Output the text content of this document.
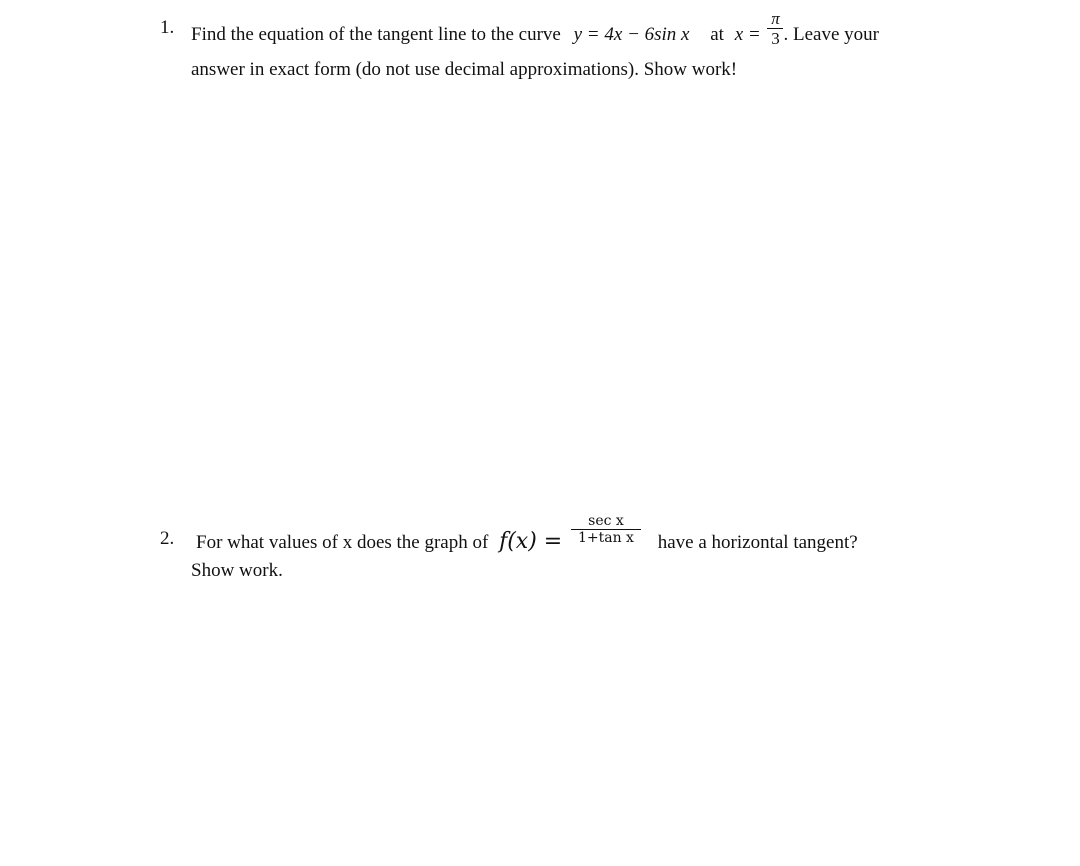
1. Find the equation of the tangent line to the curve y = 4x − 6sin x at $x = \frac{\pi}{3}$ . Leave your
answer in exact form (do not use decimal approximations). Show work!
2. For what values of x does the graph of $f(x) = \frac{\text{sec x}}{\text{1+tan x}}$ have a horizontal tangent?
Show work.
